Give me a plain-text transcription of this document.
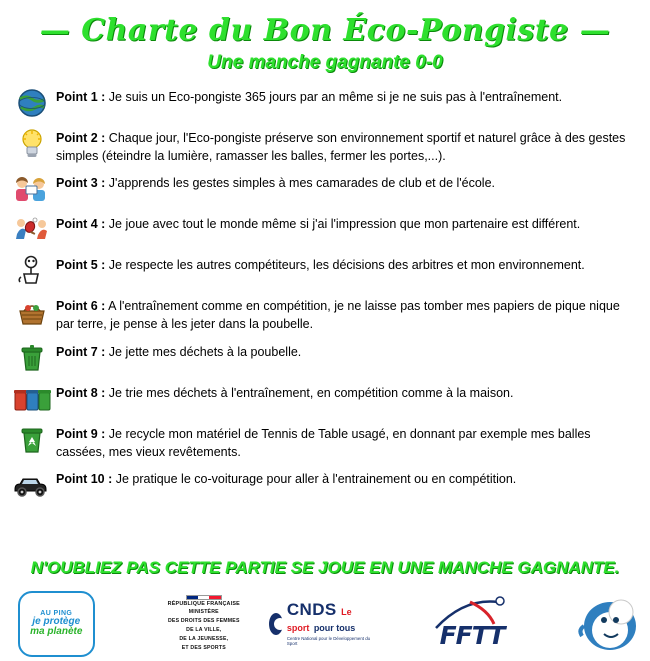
— Charte du Bon Éco-Pongiste —
Une manche gagnante 0-0
Point 1 : Je suis un Eco-pongiste 365 jours par an même si je ne suis pas à l'entraînement.
Point 2 : Chaque jour, l'Eco-pongiste préserve son environnement sportif et naturel grâce à des gestes simples (éteindre la lumière, ramasser les balles, fermer les portes,...).
Point 3 : J'apprends les gestes simples à mes camarades de club et de l'école.
Point 4 : Je joue avec tout le monde même si j'ai l'impression que mon partenaire est différent.
Point 5 : Je respecte les autres compétiteurs, les décisions des arbitres et mon environnement.
Point 6 : A l'entraînement comme en compétition, je ne laisse pas tomber mes papiers de pique nique par terre, je pense à les jeter dans la poubelle.
Point 7 : Je jette mes déchets à la poubelle.
Point 8 : Je trie mes déchets à l'entraînement, en compétition comme à la maison.
Point 9 : Je recycle mon matériel de Tennis de Table usagé, en donnant par exemple mes balles cassées, mes vieux revêtements.
Point 10 : Je pratique le co-voiturage pour aller à l'entrainement ou en compétition.
N'OUBLIEZ PAS CETTE PARTIE SE JOUE EN UNE MANCHE GAGNANTE.
AU PING
je protège
ma planète
RÉPUBLIQUE FRANÇAISE
MINISTÈRE
DES DROITS DES FEMMES
DE LA VILLE,
DE LA JEUNESSE,
ET DES SPORTS
CNDS Le sport pour tous
Centre National pour le Développement du Sport	FFTT
